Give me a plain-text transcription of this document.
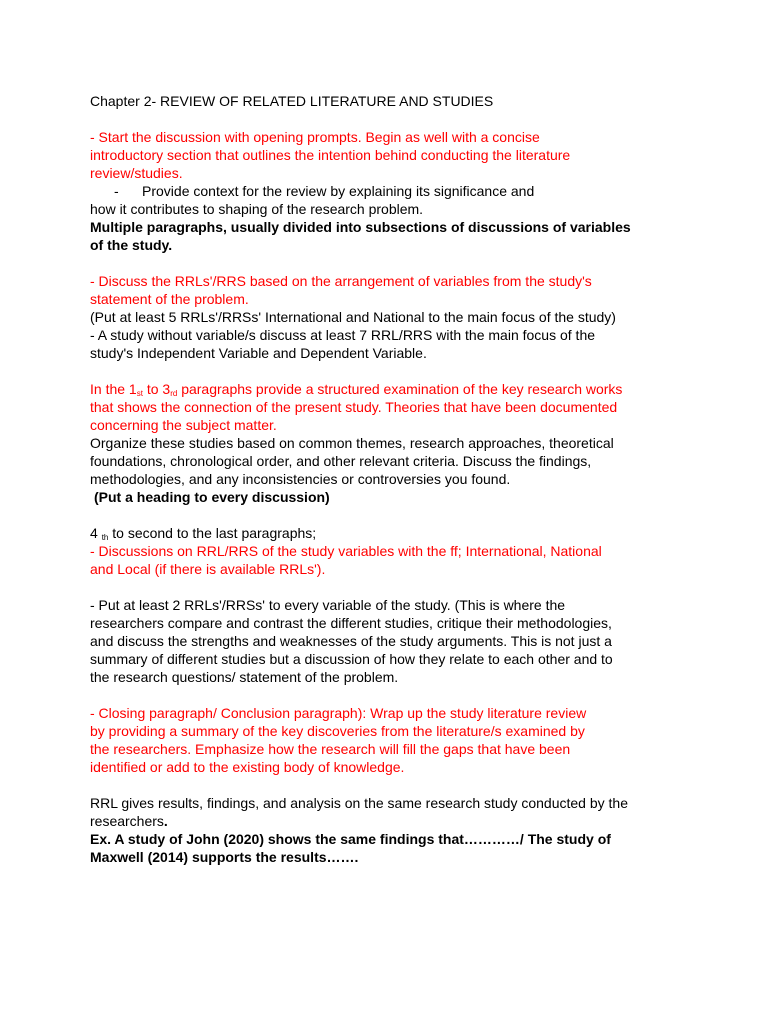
Chapter 2- REVIEW OF RELATED LITERATURE AND STUDIES
- Start the discussion with opening prompts. Begin as well with a concise
introductory section that outlines the intention behind conducting the literature
review/studies.
- Provide context for the review by explaining its significance and
how it contributes to shaping of the research problem.
Multiple paragraphs, usually divided into subsections of discussions of variables
of the study.
- Discuss the RRLs'/RRS based on the arrangement of variables from the study's
statement of the problem.
(Put at least 5 RRLs'/RRSs' International and National to the main focus of the study)
- A study without variable/s discuss at least 7 RRL/RRS with the main focus of the
study's Independent Variable and Dependent Variable.
In the $1_{st}$ to $3_{rd}$ paragraphs provide a structured examination of the key research works
that shows the connection of the present study. Theories that have been documented
concerning the subject matter.
Organize these studies based on common themes, research approaches, theoretical
foundations, chronological order, and other relevant criteria. Discuss the findings,
methodologies, and any inconsistencies or controversies you found.
(Put a heading to every discussion)
4 $_{th}$ to second to the last paragraphs;
- Discussions on RRL/RRS of the study variables with the ff; International, National
and Local (if there is available RRLs').
- Put at least 2 RRLs'/RRSs' to every variable of the study. (This is where the
researchers compare and contrast the different studies, critique their methodologies,
and discuss the strengths and weaknesses of the study arguments. This is not just a
summary of different studies but a discussion of how they relate to each other and to
the research questions/ statement of the problem.
- Closing paragraph/ Conclusion paragraph): Wrap up the study literature review
by providing a summary of the key discoveries from the literature/s examined by
the researchers. Emphasize how the research will fill the gaps that have been
identified or add to the existing body of knowledge.
RRL gives results, findings, and analysis on the same research study conducted by the
researchers.
Ex. A study of John (2020) shows the same findings that…………/ The study of
Maxwell (2014) supports the results…….
